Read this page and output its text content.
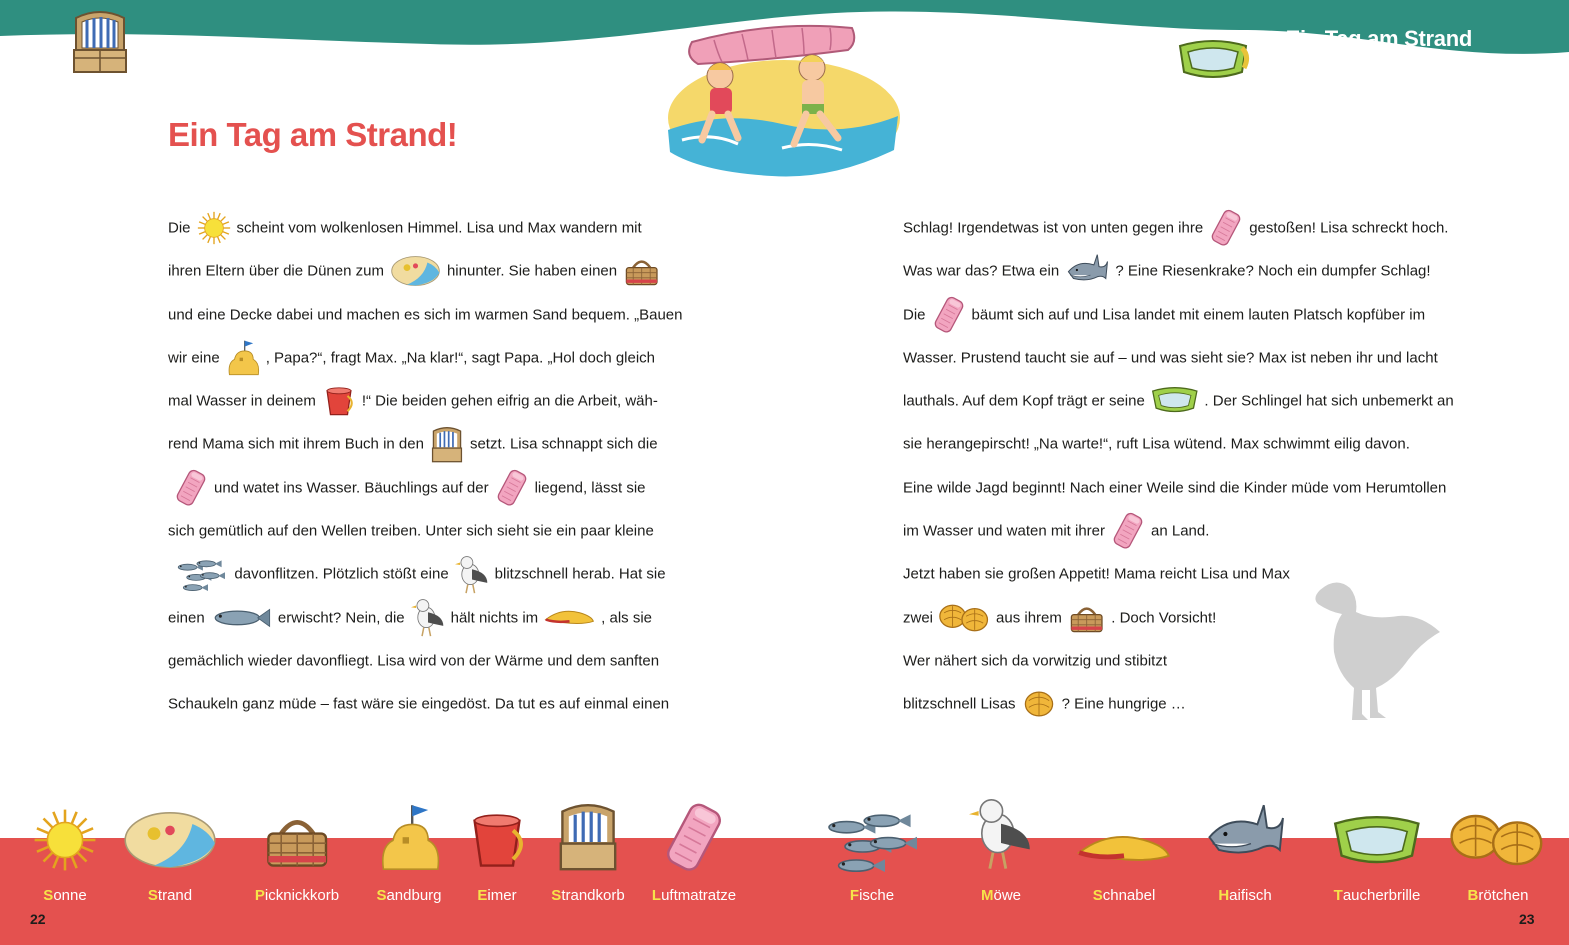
Ein Tag am Strand
Ein Tag am Strand!
Die	scheint vom wolkenlosen Himmel. Lisa und Max wandern mit
ihren Eltern über die Dünen zum	hinunter. Sie haben einen
und eine Decke dabei und machen es sich im warmen Sand bequem. „Bauen
wir eine	, Papa?“, fragt Max. „Na klar!“, sagt Papa. „Hol doch gleich
mal Wasser in deinem	!“ Die beiden gehen eifrig an die Arbeit, wäh-
rend Mama sich mit ihrem Buch in den	setzt. Lisa schnappt sich die
und watet ins Wasser. Bäuchlings auf der	liegend, lässt sie
sich gemütlich auf den Wellen treiben. Unter sich sieht sie ein paar kleine
davonflitzen. Plötzlich stößt eine	blitzschnell herab. Hat sie
einen	erwischt? Nein, die	hält nichts im	, als sie
gemächlich wieder davonfliegt. Lisa wird von der Wärme und dem sanften
Schaukeln ganz müde – fast wäre sie eingedöst. Da tut es auf einmal einen
Schlag! Irgendetwas ist von unten gegen ihre	gestoßen! Lisa schreckt hoch.
Was war das? Etwa ein	? Eine Riesenkrake? Noch ein dumpfer Schlag!
Die	bäumt sich auf und Lisa landet mit einem lauten Platsch kopfüber im
Wasser. Prustend taucht sie auf – und was sieht sie? Max ist neben ihr und lacht
lauthals. Auf dem Kopf trägt er seine	. Der Schlingel hat sich unbemerkt an
sie herangepirscht! „Na warte!“, ruft Lisa wütend. Max schwimmt eilig davon.
Eine wilde Jagd beginnt! Nach einer Weile sind die Kinder müde vom Herumtollen
im Wasser und waten mit ihrer	an Land.
Jetzt haben sie großen Appetit! Mama reicht Lisa und Max
zwei	aus ihrem	. Doch Vorsicht!
Wer nähert sich da vorwitzig und stibitzt
blitzschnell Lisas	? Eine hungrige …
Sonne	Strand	Picknickkorb	Sandburg	Eimer	Strandkorb	Luftmatratze	Fische	Möwe	Schnabel	Haifisch	Taucherbrille	Brötchen
22	23
